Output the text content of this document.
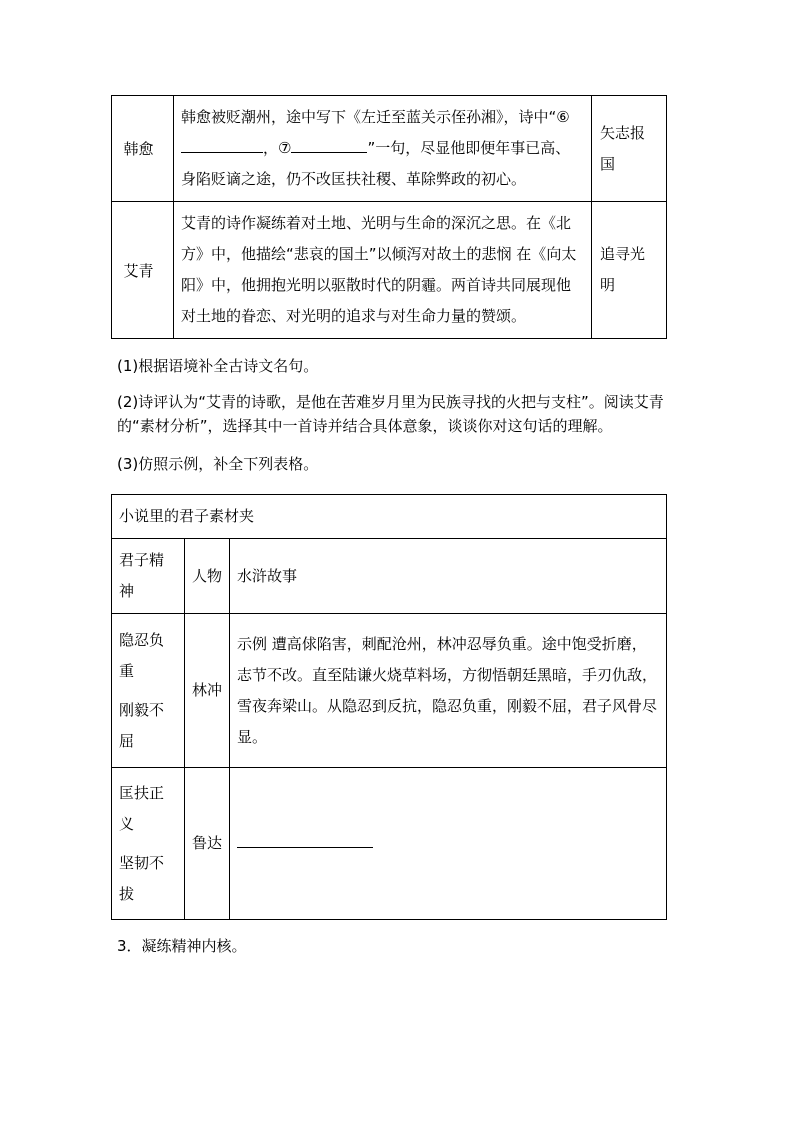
韩愈	韩愈被贬潮州，途中写下《左迁至蓝关示侄孙湘》，诗中“⑥，⑦ ”一句，尽显他即便年事已高、身陷贬谪之途，仍不改匡扶社稷、革除弊政的初心。	矢志报国
艾青	艾青的诗作凝练着对土地、光明与生命的深沉之思。在《北方》中，他描绘“悲哀的国土”以倾泻对故土的悲悯 在《向太阳》中，他拥抱光明以驱散时代的阴霾。两首诗共同展现他对土地的眷恋、对光明的追求与对生命力量的赞颂。	追寻光明
(1)根据语境补全古诗文名句。
(2)诗评认为“艾青的诗歌，是他在苦难岁月里为民族寻找的火把与支柱”。阅读艾青的“素材分析”，选择其中一首诗并结合具体意象，谈谈你对这句话的理解。
(3)仿照示例，补全下列表格。
小说里的君子素材夹		
君子精神	人物	水浒故事

隐忍负重
刚毅不屈	林冲	示例 遭高俅陷害，刺配沧州，林冲忍辱负重。途中饱受折磨，志节不改。直至陆谦火烧草料场，方彻悟朝廷黑暗，手刃仇敌，雪夜奔梁山。从隐忍到反抗，隐忍负重，刚毅不屈，君子风骨尽显。

匡扶正义
坚韧不拔	鲁达	
3．凝练精神内核。
